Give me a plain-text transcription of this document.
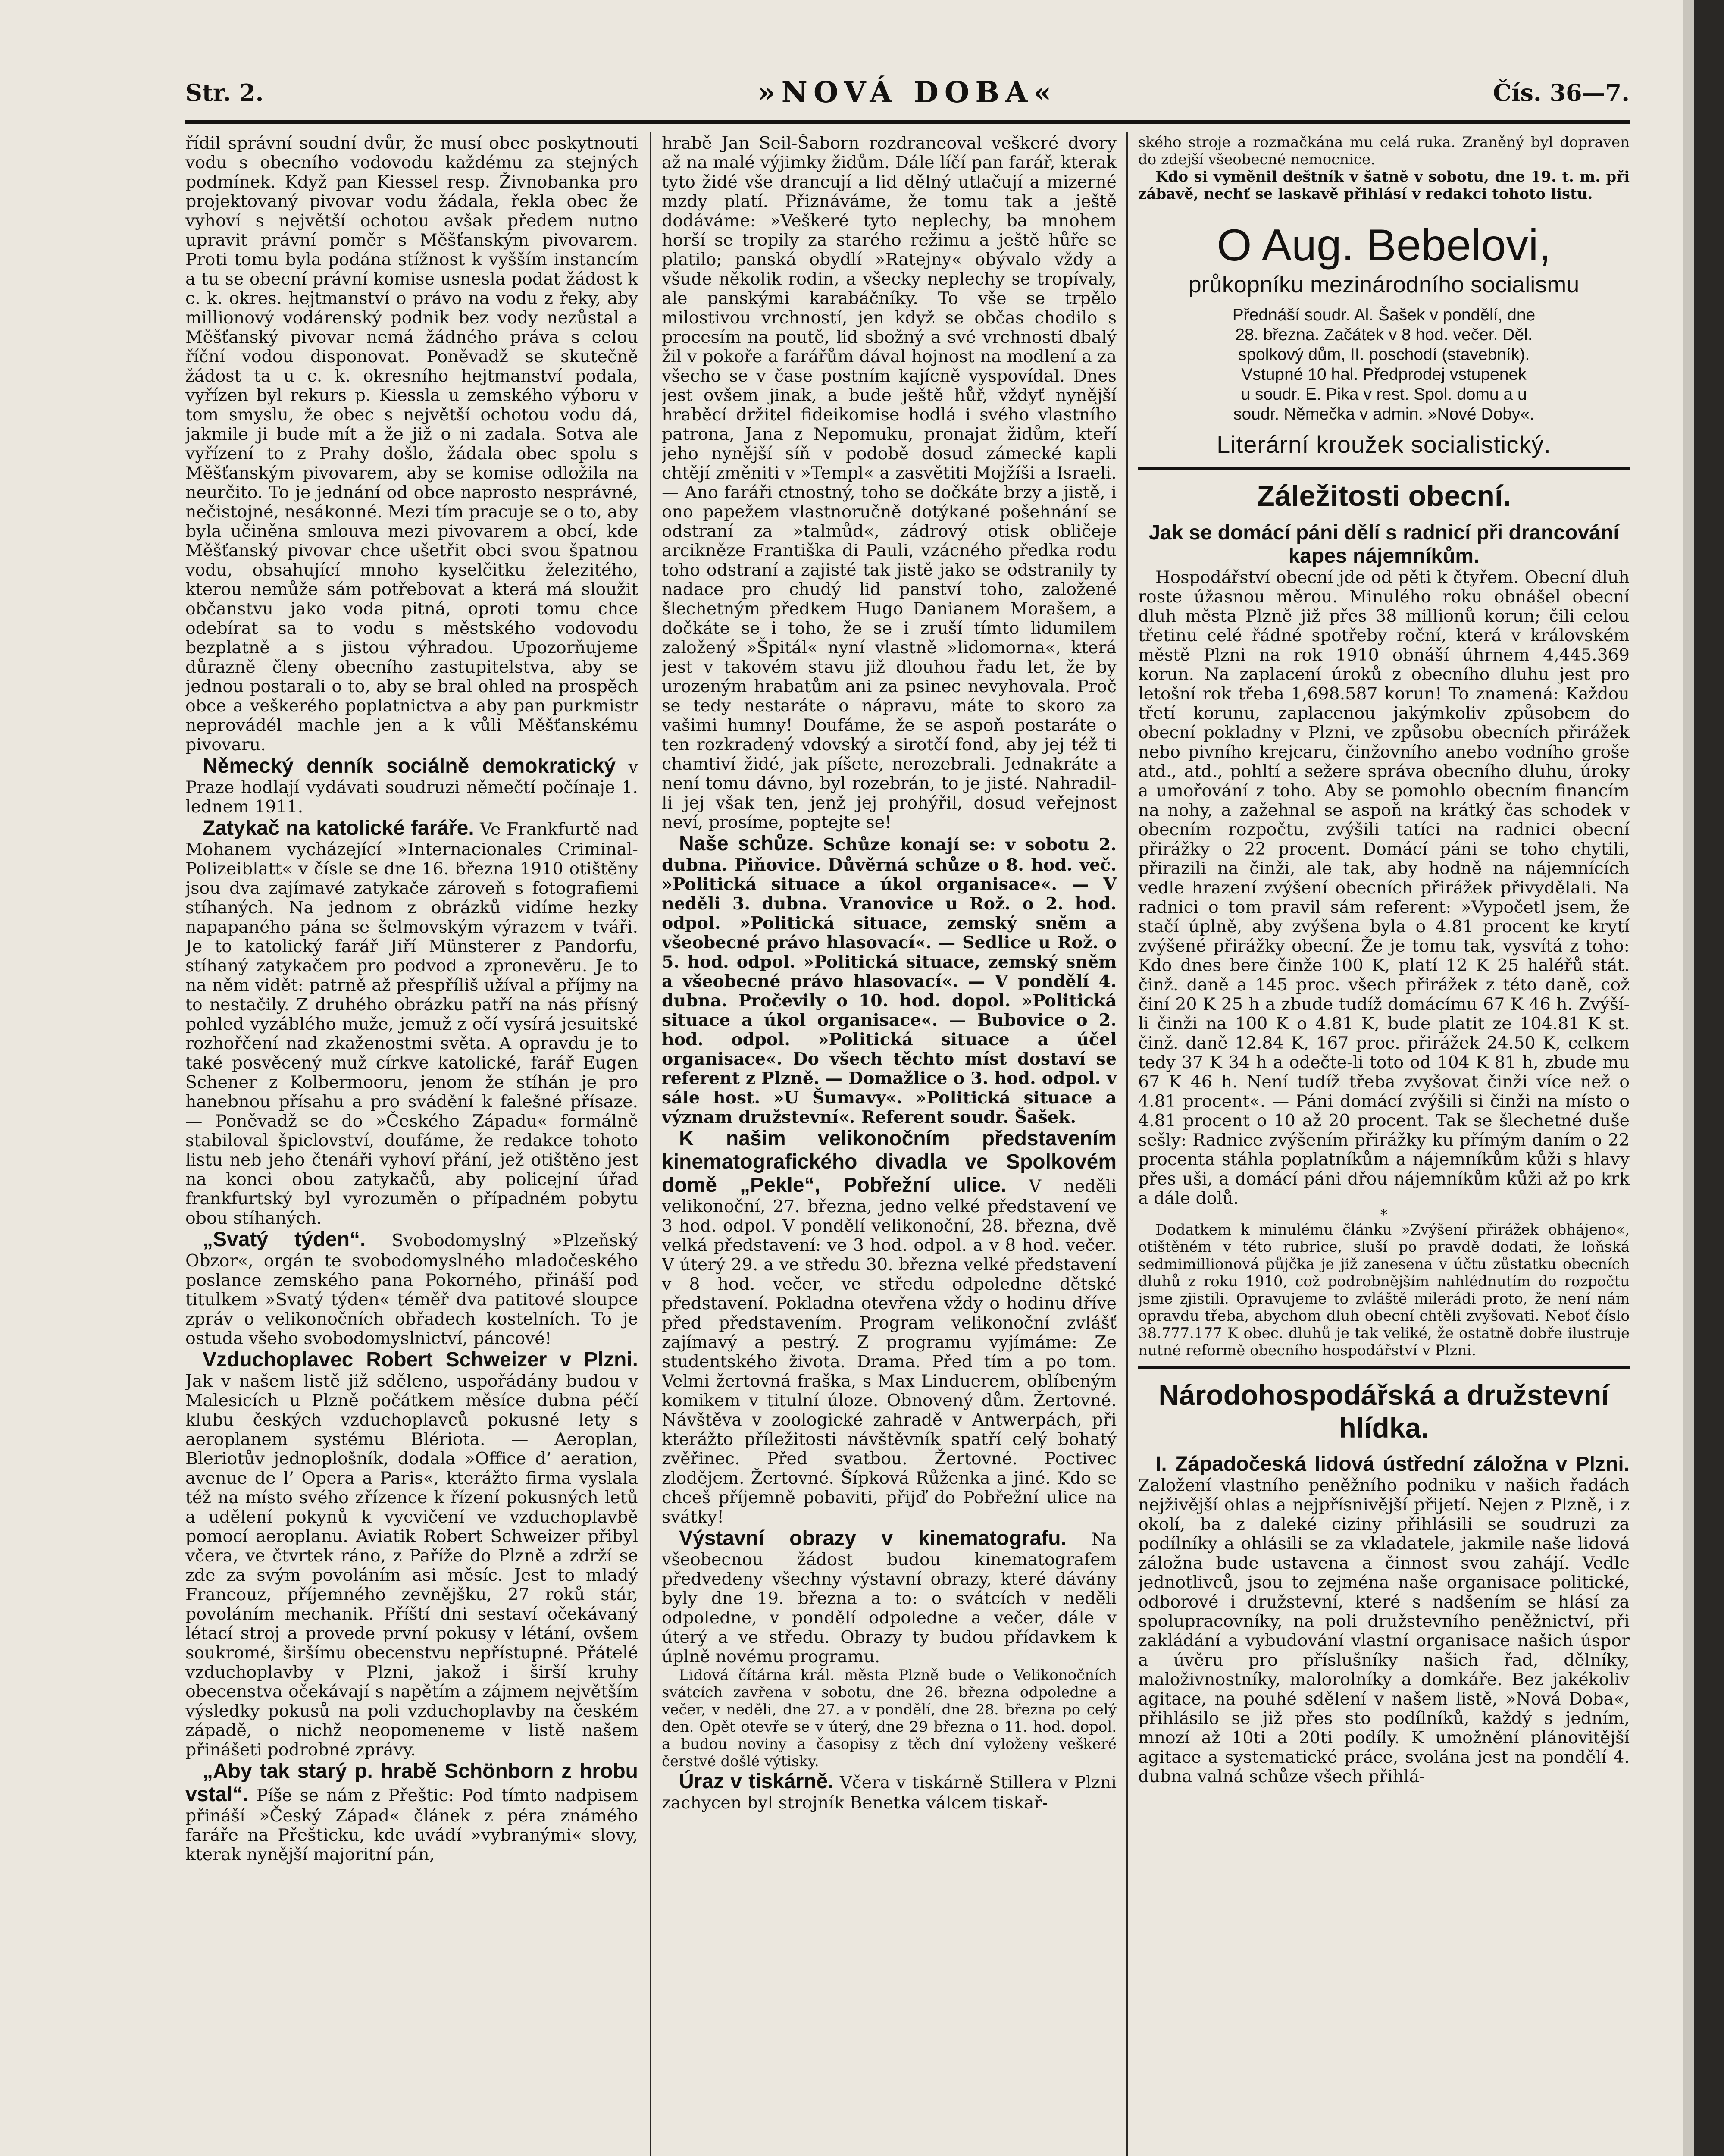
Str. 2.	»NOVÁ DOBA«	Čís. 36—7.

řídil správní soudní dvůr, že musí obec poskytnouti vodu s obecního vodovodu každému za stejných podmínek. Když pan Kiessel resp. Živnobanka pro projektovaný pivovar vodu žádala, řekla obec že vyhoví s největší ochotou avšak předem nutno upravit právní poměr s Měšťanským pivovarem. Proti tomu byla podána stížnost k vyšším instancím a tu se obecní právní komise usnesla podat žádost k c. k. okres. hejtmanství o právo na vodu z řeky, aby millionový vodárenský podnik bez vody nezůstal a Měšťanský pivovar nemá žádného práva s celou říční vodou disponovat. Poněvadž se skutečně žádost ta u c. k. okresního hejtmanství podala, vyřízen byl rekurs p. Kiessla u zemského výboru v tom smyslu, že obec s největší ochotou vodu dá, jakmile ji bude mít a že již o ni zadala. Sotva ale vyřízení to z Prahy došlo, žádala obec spolu s Měšťanským pivovarem, aby se komise odložila na neurčito. To je jednání od obce naprosto nesprávné, nečistojné, nesákonné. Mezi tím pracuje se o to, aby byla učiněna smlouva mezi pivovarem a obcí, kde Měšťanský pivovar chce ušetřit obci svou špatnou vodu, obsahující mnoho kyselčitku železitého, kterou nemůže sám potřebovat a která má sloužit občanstvu jako voda pitná, oproti tomu chce odebírat sa to vodu s městského vodovodu bezplatně a s jistou výhradou. Upozorňujeme důrazně členy obecního zastupitelstva, aby se jednou postarali o to, aby se bral ohled na prospěch obce a veškerého poplatnictva a aby pan purkmistr neprovádél machle jen a k vůli Měšťanskému pivovaru.

Německý denník sociálně demokratický v Praze hodlají vydávati soudruzi němečtí počínaje 1. lednem 1911.

Zatykač na katolické faráře. Ve Frankfurtě nad Mohanem vycházející »Internacionales Criminal-Polizeiblatt« v čísle se dne 16. března 1910 otištěny jsou dva zajímavé zatykače zároveň s fotografiemi stíhaných. Na jednom z obrázků vidíme hezky napapaného pána se šelmovským výrazem v tváři. Je to katolický farář Jiří Münsterer z Pandorfu, stíhaný zatykačem pro podvod a zpronevěru. Je to na něm vidět: patrně až přespříliš užíval a příjmy na to nestačily. Z druhého obrázku patří na nás přísný pohled vyzáblého muže, jemuž z očí vysírá jesuitské rozhořčení nad zkaženostmi světa. A opravdu je to také posvěcený muž církve katolické, farář Eugen Schener z Kolbermooru, jenom že stíhán je pro hanebnou přísahu a pro svádění k falešné přísaze. — Poněvadž se do »Českého Západu« formálně stabiloval špiclovství, doufáme, že redakce tohoto listu neb jeho čtenáři vyhoví přání, jež otištěno jest na konci obou zatykačů, aby policejní úřad frankfurtský byl vyrozuměn o případném pobytu obou stíhaných.

„Svatý týden“. Svobodomyslný »Plzeňský Obzor«, orgán te svobodomyslného mladočeského poslance zemského pana Pokorného, přináší pod titulkem »Svatý týden« téměř dva patitové sloupce zpráv o velikonočních obřadech kostelních. To je ostuda všeho svobodomyslnictví, páncové!

Vzduchoplavec Robert Schweizer v Plzni. Jak v našem listě již sděleno, uspořádány budou v Malesicích u Plzně počátkem měsíce dubna péčí klubu českých vzduchoplavců pokusné lety s aeroplanem systému Blériota. — Aeroplan, Bleriotův jednoplošník, dodala »Office d’ aeration, avenue de l’ Opera a Paris«, kterážto firma vyslala též na místo svého zřízence k řízení pokusných letů a udělení pokynů k vycvičení ve vzduchoplavbě pomocí aeroplanu. Aviatik Robert Schweizer přibyl včera, ve čtvrtek ráno, z Paříže do Plzně a zdrží se zde za svým povoláním asi měsíc. Jest to mladý Francouz, příjemného zevnějšku, 27 roků stár, povoláním mechanik. Příští dni sestaví očekávaný létací stroj a provede první pokusy v létání, ovšem soukromé, širšímu obecenstvu nepřístupné. Přátelé vzduchoplavby v Plzni, jakož i širší kruhy obecenstva očekávají s napětím a zájmem největším výsledky pokusů na poli vzduchoplavby na českém západě, o nichž neopomeneme v listě našem přinášeti podrobné zprávy.

„Aby tak starý p. hrabě Schönborn z hrobu vstal“. Píše se nám z Přeštic: Pod tímto nadpisem přináší »Český Západ« článek z péra známého faráře na Přešticku, kde uvádí »vybranými« slovy, kterak nynější majoritní pán,

hrabě Jan Seil-Šaborn rozdraneoval veškeré dvory až na malé výjimky židům. Dále líčí pan farář, kterak tyto židé vše drancují a lid dělný utlačují a mizerné mzdy platí. Přiznáváme, že tomu tak a ještě dodáváme: »Veškeré tyto neplechy, ba mnohem horší se tropily za starého režimu a ještě hůře se platilo; panská obydlí »Ratejny« obývalo vždy a všude několik rodin, a všecky neplechy se tropívaly, ale panskými karabáčníky. To vše se trpělo milostivou vrchností, jen když se občas chodilo s procesím na poutě, lid sbožný a své vrchnosti dbalý žil v pokoře a farářům dával hojnost na modlení a za všecho se v čase postním kajícně vyspovídal. Dnes jest ovšem jinak, a bude ještě hůř, vždyť nynější hraběcí držitel fideikomise hodlá i svého vlastního patrona, Jana z Nepomuku, pronajat židům, kteří jeho nynější síň v podobě dosud zámecké kapli chtějí změniti v »Templ« a zasvětiti Mojžíši a Israeli. — Ano faráři ctnostný, toho se dočkáte brzy a jistě, i ono papežem vlastnoručně dotýkané pošehnání se odstraní za »talmůd«, zádrový otisk obličeje arcikněze Františka di Pauli, vzácného předka rodu toho odstraní a zajisté tak jistě jako se odstranily ty nadace pro chudý lid panství toho, založené šlechetným předkem Hugo Danianem Morašem, a dočkáte se i toho, že se i zruší tímto lidumilem založený »Špitál« nyní vlastně »lidomorna«, která jest v takovém stavu již dlouhou řadu let, že by urozeným hrabatům ani za psinec nevyhovala. Proč se tedy nestaráte o nápravu, máte to skoro za vašimi humny! Doufáme, že se aspoň postaráte o ten rozkradený vdovský a sirotčí fond, aby jej též ti chamtiví židé, jak píšete, nerozebrali. Jednakráte a není tomu dávno, byl rozebrán, to je jisté. Nahradil-li jej však ten, jenž jej prohýřil, dosud veřejnost neví, prosíme, poptejte se!

Naše schůze. Schůze konají se: v sobotu 2. dubna. Piňovice. Důvěrná schůze o 8. hod. več. »Politická situace a úkol organisace«. — V neděli 3. dubna. Vranovice u Rož. o 2. hod. odpol. »Politická situace, zemský sněm a všeobecné právo hlasovací«. — Sedlice u Rož. o 5. hod. odpol. »Politická situace, zemský sněm a všeobecné právo hlasovací«. — V pondělí 4. dubna. Pročevily o 10. hod. dopol. »Politická situace a úkol organisace«. — Bubovice o 2. hod. odpol. »Politická situace a účel organisace«. Do všech těchto míst dostaví se referent z Plzně. — Domažlice o 3. hod. odpol. v sále host. »U Šumavy«. »Politická situace a význam družstevní«. Referent soudr. Šašek.

K našim velikonočním představením kinematografického divadla ve Spolkovém domě „Pekle“, Pobřežní ulice. V neděli velikonoční, 27. března, jedno velké představení ve 3 hod. odpol. V pondělí velikonoční, 28. března, dvě velká představení: ve 3 hod. odpol. a v 8 hod. večer. V úterý 29. a ve středu 30. března velké představení v 8 hod. večer, ve středu odpoledne dětské představení. Pokladna otevřena vždy o hodinu dříve před představením. Program velikonoční zvlášť zajímavý a pestrý. Z programu vyjímáme: Ze studentského života. Drama. Před tím a po tom. Velmi žertovná fraška, s Max Linduerem, oblíbeným komikem v titulní úloze. Obnovený dům. Žertovné. Návštěva v zoologické zahradě v Antwerpách, při kterážto příležitosti návštěvník spatří celý bohatý zvěřinec. Před svatbou. Žertovné. Poctivec zlodějem. Žertovné. Šípková Růženka a jiné. Kdo se chceš příjemně pobaviti, přijď do Pobřežní ulice na svátky!

Výstavní obrazy v kinematografu. Na všeobecnou žádost budou kinematografem předvedeny všechny výstavní obrazy, které dávány byly dne 19. března a to: o svátcích v neděli odpoledne, v pondělí odpoledne a večer, dále v úterý a ve středu. Obrazy ty budou přídavkem k úplně novému programu.

Lidová čítárna král. města Plzně bude o Velikonočních svátcích zavřena v sobotu, dne 26. března odpoledne a večer, v neděli, dne 27. a v pondělí, dne 28. března po celý den. Opět otevře se v úterý, dne 29 března o 11. hod. dopol. a budou noviny a časopisy z těch dní vyloženy veškeré čerstvé došlé výtisky.

Úraz v tiskárně. Včera v tiskárně Stillera v Plzni zachycen byl strojník Benetka válcem tiskař-

ského stroje a rozmačkána mu celá ruka. Zraněný byl dopraven do zdejší všeobecné nemocnice.

Kdo si vyměnil deštník v šatně v sobotu, dne 19. t. m. při zábavě, nechť se laskavě přihlásí v redakci tohoto listu.

O Aug. Bebelovi,
průkopníku mezinárodního socialismu
Přednáší soudr. Al. Šašek v pondělí, dne
28. března. Začátek v 8 hod. večer. Děl.
spolkový dům, II. poschodí (stavebník).
Vstupné 10 hal. Předprodej vstupenek
u soudr. E. Pika v rest. Spol. domu a u
soudr. Němečka v admin. »Nové Doby«.
Literární kroužek socialistický.
Záležitosti obecní.

Jak se domácí páni dělí s radnicí při drancování kapes nájemníkům.

Hospodářství obecní jde od pěti k čtyřem. Obecní dluh roste úžasnou měrou. Minulého roku obnášel obecní dluh města Plzně již přes 38 millionů korun; čili celou třetinu celé řádné spotřeby roční, která v královském městě Plzni na rok 1910 obnáší úhrnem 4,445.369 korun. Na zaplacení úroků z obecního dluhu jest pro letošní rok třeba 1,698.587 korun! To znamená: Každou třetí korunu, zaplacenou jakýmkoliv způsobem do obecní pokladny v Plzni, ve způsobu obecních přirážek nebo pivního krejcaru, činžovního anebo vodního groše atd., atd., pohltí a sežere správa obecního dluhu, úroky a umořování z toho. Aby se pomohlo obecním financím na nohy, a zažehnal se aspoň na krátký čas schodek v obecním rozpočtu, zvýšili tatíci na radnici obecní přirážky o 22 procent. Domácí páni se toho chytili, přirazili na činži, ale tak, aby hodně na nájemnících vedle hrazení zvýšení obecních přirážek přivydělali. Na radnici o tom pravil sám referent: »Vypočetl jsem, že stačí úplně, aby zvýšena byla o 4.81 procent ke krytí zvýšené přirážky obecní. Že je tomu tak, vysvítá z toho: Kdo dnes bere činže 100 K, platí 12 K 25 haléřů stát. činž. daně a 145 proc. všech přirážek z této daně, což činí 20 K 25 h a zbude tudíž domácímu 67 K 46 h. Zvýší-li činži na 100 K o 4.81 K, bude platit ze 104.81 K st. činž. daně 12.84 K, 167 proc. přirážek 24.50 K, celkem tedy 37 K 34 h a odečte-li toto od 104 K 81 h, zbude mu 67 K 46 h. Není tudíž třeba zvyšovat činži více než o 4.81 procent«. — Páni domácí zvýšili si činži na místo o 4.81 procent o 10 až 20 procent. Tak se šlechetné duše sešly: Radnice zvýšením přirážky ku přímým daním o 22 procenta stáhla poplatníkům a nájemníkům kůži s hlavy přes uši, a domácí páni dřou nájemníkům kůži až po krk a dále dolů.

*

Dodatkem k minulému článku »Zvýšení přirážek obhájeno«, otištěném v této rubrice, sluší po pravdě dodati, že loňská sedmimillionová půjčka je již zanesena v účtu zůstatku obecních dluhů z roku 1910, což podrobnějším nahlédnutím do rozpočtu jsme zjistili. Opravujeme to zvláště milerádi proto, že není nám opravdu třeba, abychom dluh obecní chtěli zvyšovati. Neboť číslo 38.777.177 K obec. dluhů je tak veliké, že ostatně dobře ilustruje nutné reformě obecního hospodářství v Plzni.

Národohospodářská a družstevní hlídka.

I. Západočeská lidová ústřední záložna v Plzni. Založení vlastního peněžního podniku v našich řadách nejživější ohlas a nejpřísnivější přijetí. Nejen z Plzně, i z okolí, ba z daleké ciziny přihlásili se soudruzi za podílníky a ohlásili se za vkladatele, jakmile naše lidová záložna bude ustavena a činnost svou zahájí. Vedle jednotlivců, jsou to zejména naše organisace politické, odborové i družstevní, které s nadšením se hlásí za spolupracovníky, na poli družstevního peněžnictví, při zakládání a vybudování vlastní organisace našich úspor a úvěru pro příslušníky našich řad, dělníky, maloživnostníky, malorolníky a domkáře. Bez jakékoliv agitace, na pouhé sdělení v našem listě, »Nová Doba«, přihlásilo se již přes sto podílníků, každý s jedním, mnozí až 10ti a 20ti podíly. K umožnění plánovitější agitace a systematické práce, svolána jest na pondělí 4. dubna valná schůze všech přihlá-
